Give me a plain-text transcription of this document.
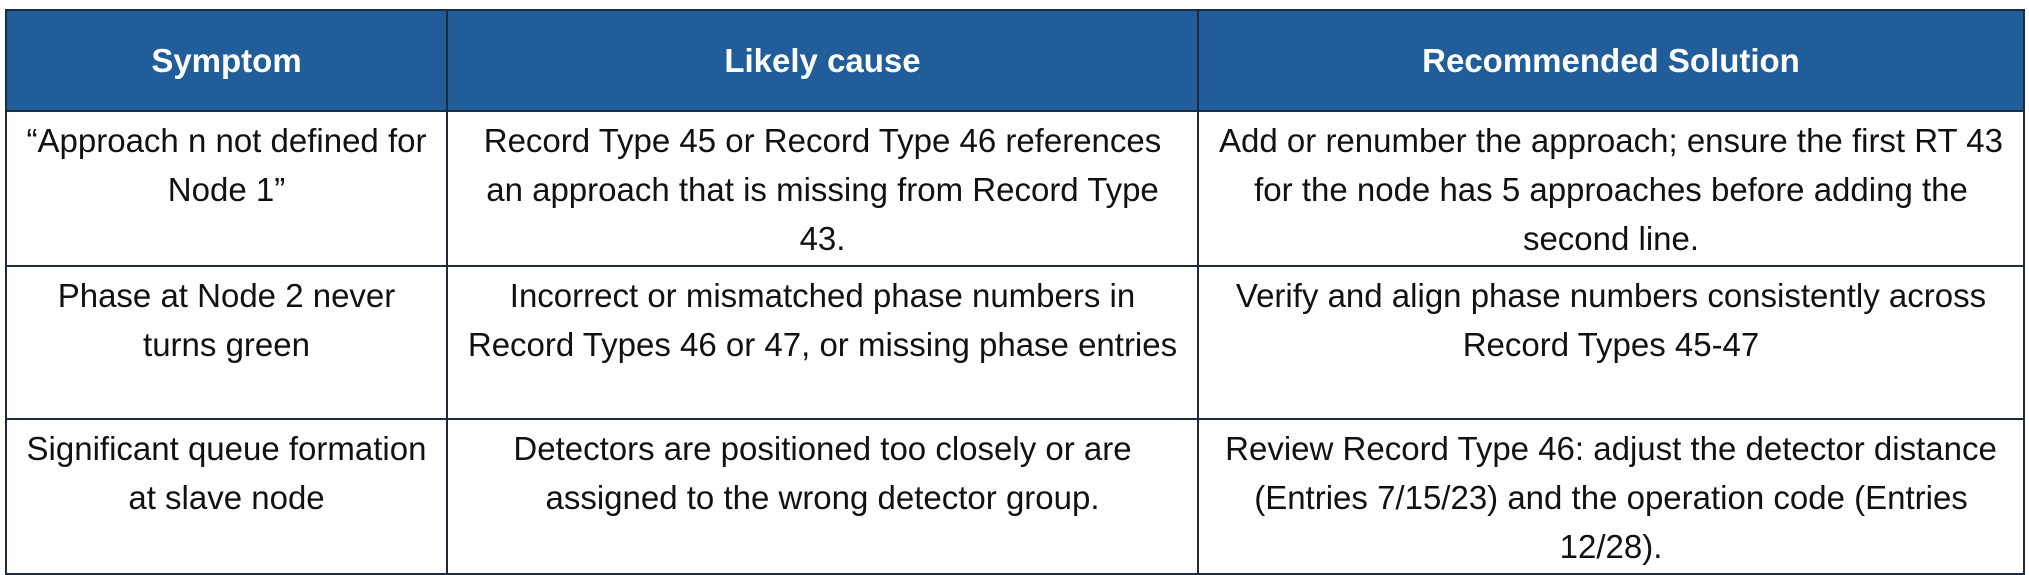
Symptom	Likely cause	Recommended Solution
“Approach n not defined for Node 1”	Record Type 45 or Record Type 46 references an approach that is missing from Record Type 43.	Add or renumber the approach; ensure the first RT 43 for the node has 5 approaches before adding the second line.
Phase at Node 2 never turns green	Incorrect or mismatched phase numbers in Record Types 46 or 47, or missing phase entries	Verify and align phase numbers consistently across Record Types 45-47
Significant queue formation at slave node	Detectors are positioned too closely or are assigned to the wrong detector group.	Review Record Type 46: adjust the detector distance (Entries 7/15/23) and the operation code (Entries 12/28).
